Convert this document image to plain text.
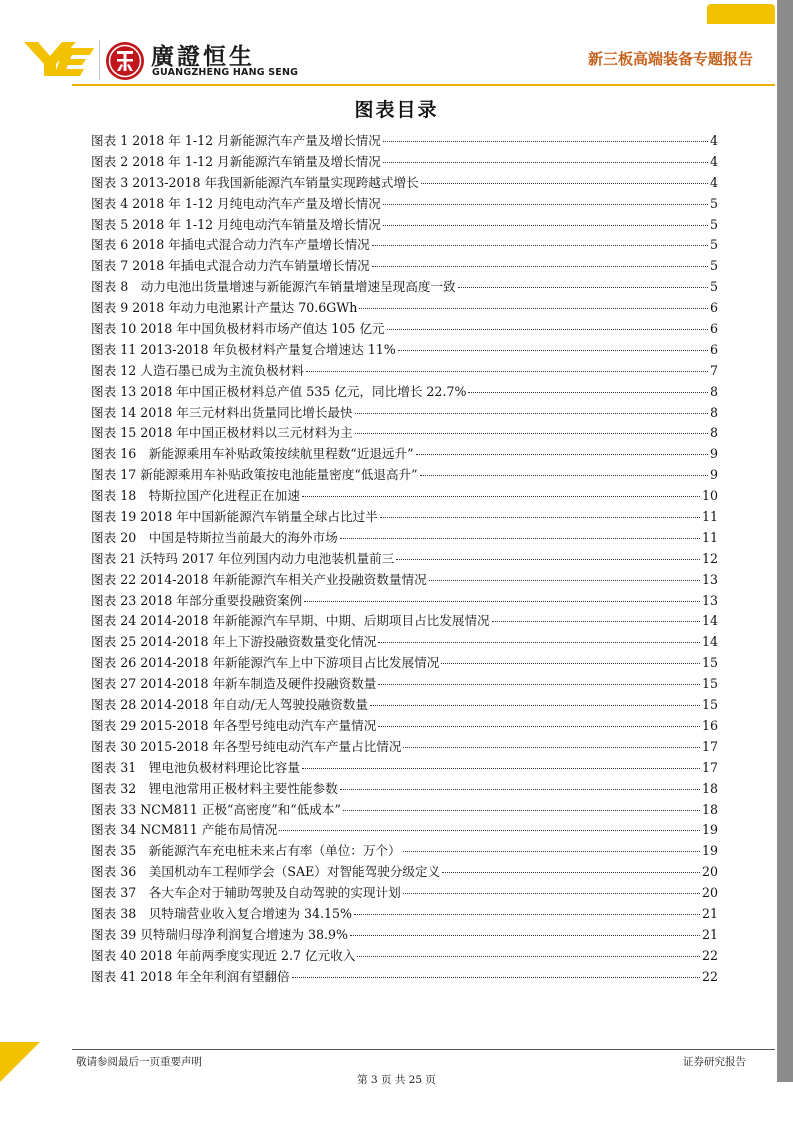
廣證恒生
GUANGZHENG HANG SENG
新三板高端装备专题报告
图表目录
图表 1 2018 年 1-12 月新能源汽车产量及增长情况	4
图表 2 2018 年 1-12 月新能源汽车销量及增长情况	4
图表 3 2013-2018 年我国新能源汽车销量实现跨越式增长	4
图表 4 2018 年 1-12 月纯电动汽车产量及增长情况	5
图表 5 2018 年 1-12 月纯电动汽车销量及增长情况	5
图表 6 2018 年插电式混合动力汽车产量增长情况	5
图表 7 2018 年插电式混合动力汽车销量增长情况	5
图表 8　动力电池出货量增速与新能源汽车销量增速呈现高度一致	5
图表 9 2018 年动力电池累计产量达 70.6GWh	6
图表 10 2018 年中国负极材料市场产值达 105 亿元	6
图表 11 2013-2018 年负极材料产量复合增速达 11%	6
图表 12 人造石墨已成为主流负极材料	7
图表 13 2018 年中国正极材料总产值 535 亿元，同比增长 22.7%	8
图表 14 2018 年三元材料出货量同比增长最快	8
图表 15 2018 年中国正极材料以三元材料为主	8
图表 16　新能源乘用车补贴政策按续航里程数“近退远升”	9
图表 17 新能源乘用车补贴政策按电池能量密度“低退高升”	9
图表 18　特斯拉国产化进程正在加速	10
图表 19 2018 年中国新能源汽车销量全球占比过半	11
图表 20　中国是特斯拉当前最大的海外市场	11
图表 21 沃特玛 2017 年位列国内动力电池装机量前三	12
图表 22 2014-2018 年新能源汽车相关产业投融资数量情况	13
图表 23 2018 年部分重要投融资案例	13
图表 24 2014-2018 年新能源汽车早期、中期、后期项目占比发展情况	14
图表 25 2014-2018 年上下游投融资数量变化情况	14
图表 26 2014-2018 年新能源汽车上中下游项目占比发展情况	15
图表 27 2014-2018 年新车制造及硬件投融资数量	15
图表 28 2014-2018 年自动/无人驾驶投融资数量	15
图表 29 2015-2018 年各型号纯电动汽车产量情况	16
图表 30 2015-2018 年各型号纯电动汽车产量占比情况	17
图表 31　锂电池负极材料理论比容量	17
图表 32　锂电池常用正极材料主要性能参数	18
图表 33 NCM811 正极“高密度”和“低成本”	18
图表 34 NCM811 产能布局情况	19
图表 35　新能源汽车充电桩未来占有率（单位：万个）	19
图表 36　美国机动车工程师学会（SAE）对智能驾驶分级定义	20
图表 37　各大车企对于辅助驾驶及自动驾驶的实现计划	20
图表 38　贝特瑞营业收入复合增速为 34.15%	21
图表 39 贝特瑞归母净利润复合增速为 38.9%	21
图表 40 2018 年前两季度实现近 2.7 亿元收入	22
图表 41 2018 年全年利润有望翻倍	22
敬请参阅最后一页重要声明	证券研究报告
第 3 页 共 25 页
